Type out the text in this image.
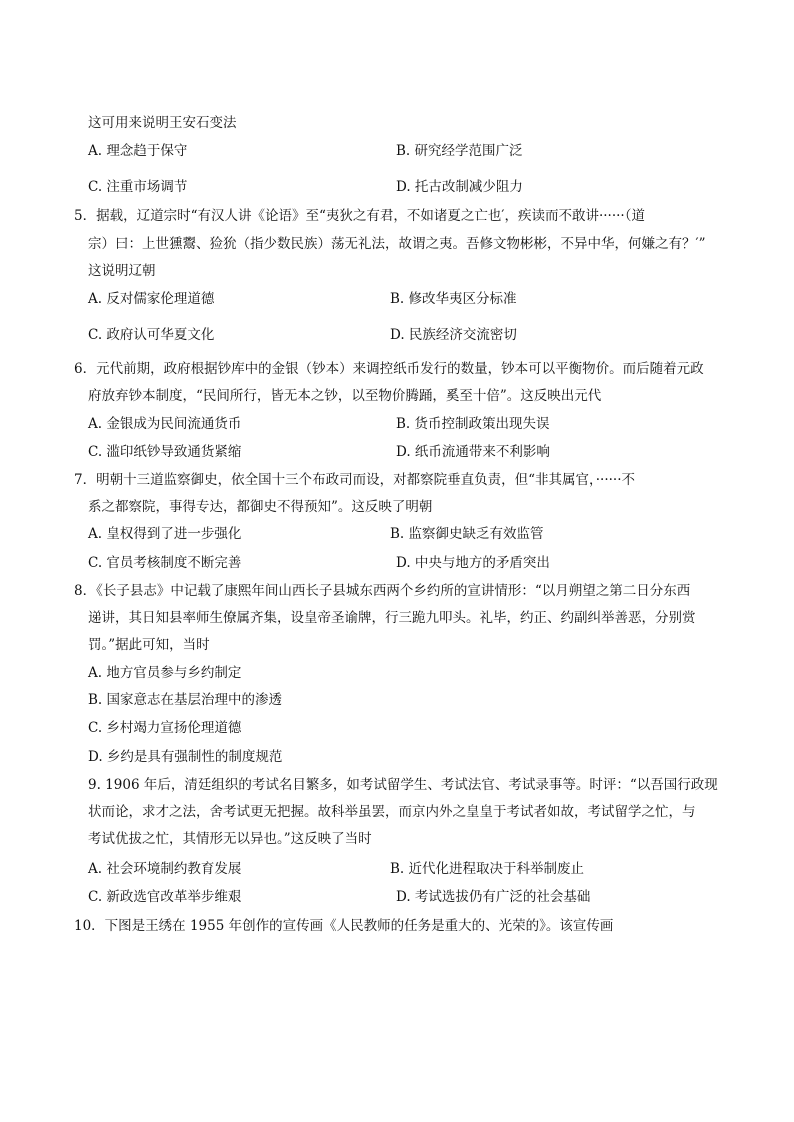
这可用来说明王安石变法
A. 理念趋于保守	B. 研究经学范围广泛
C. 注重市场调节	D. 托古改制减少阻力
5．据载，辽道宗时“有汉人讲《论语》至“夷狄之有君，不如诸夏之亡也′，疾读而不敢讲······（道
宗）曰：上世獯鬻、猃狁（指少数民族）荡无礼法，故谓之夷。吾修文物彬彬，不异中华，何嫌之有？′”
这说明辽朝
A. 反对儒家伦理道德	B. 修改华夷区分标准
C. 政府认可华夏文化	D. 民族经济交流密切
6．元代前期，政府根据钞库中的金银（钞本）来调控纸币发行的数量，钞本可以平衡物价。而后随着元政
府放弃钞本制度，“民间所行，皆无本之钞，以至物价腾踊，奚至十倍”。这反映出元代
A. 金银成为民间流通货币	B. 货币控制政策出现失误
C. 滥印纸钞导致通货紧缩	D. 纸币流通带来不利影响
7．明朝十三道监察御史，依全国十三个布政司而设，对都察院垂直负责，但“非其属官，······不
系之都察院，事得专达，都御史不得预知”。这反映了明朝
A. 皇权得到了进一步强化	B. 监察御史缺乏有效监管
C. 官员考核制度不断完善	D. 中央与地方的矛盾突出
8．《长子县志》中记载了康熙年间山西长子县城东西两个乡约所的宣讲情形：“以月朔望之第二日分东西
递讲，其日知县率师生僚属齐集，设皇帝圣谕牌，行三跪九叩头。礼毕，约正、约副纠举善恶，分别赏
罚。”据此可知，当时
A. 地方官员参与乡约制定
B. 国家意志在基层治理中的渗透
C. 乡村竭力宣扬伦理道德
D. 乡约是具有强制性的制度规范
9. 1906 年后，清廷组织的考试名目繁多，如考试留学生、考试法官、考试录事等。时评：“以吾国行政现
状而论，求才之法，舍考试更无把握。故科举虽罢，而京内外之皇皇于考试者如故，考试留学之忙，与
考试优拔之忙，其情形无以异也。”这反映了当时
A. 社会环境制约教育发展	B. 近代化进程取决于科举制废止
C. 新政选官改革举步维艰	D. 考试选拔仍有广泛的社会基础
10．下图是王绣在 1955 年创作的宣传画《人民教师的任务是重大的、光荣的》。该宣传画
